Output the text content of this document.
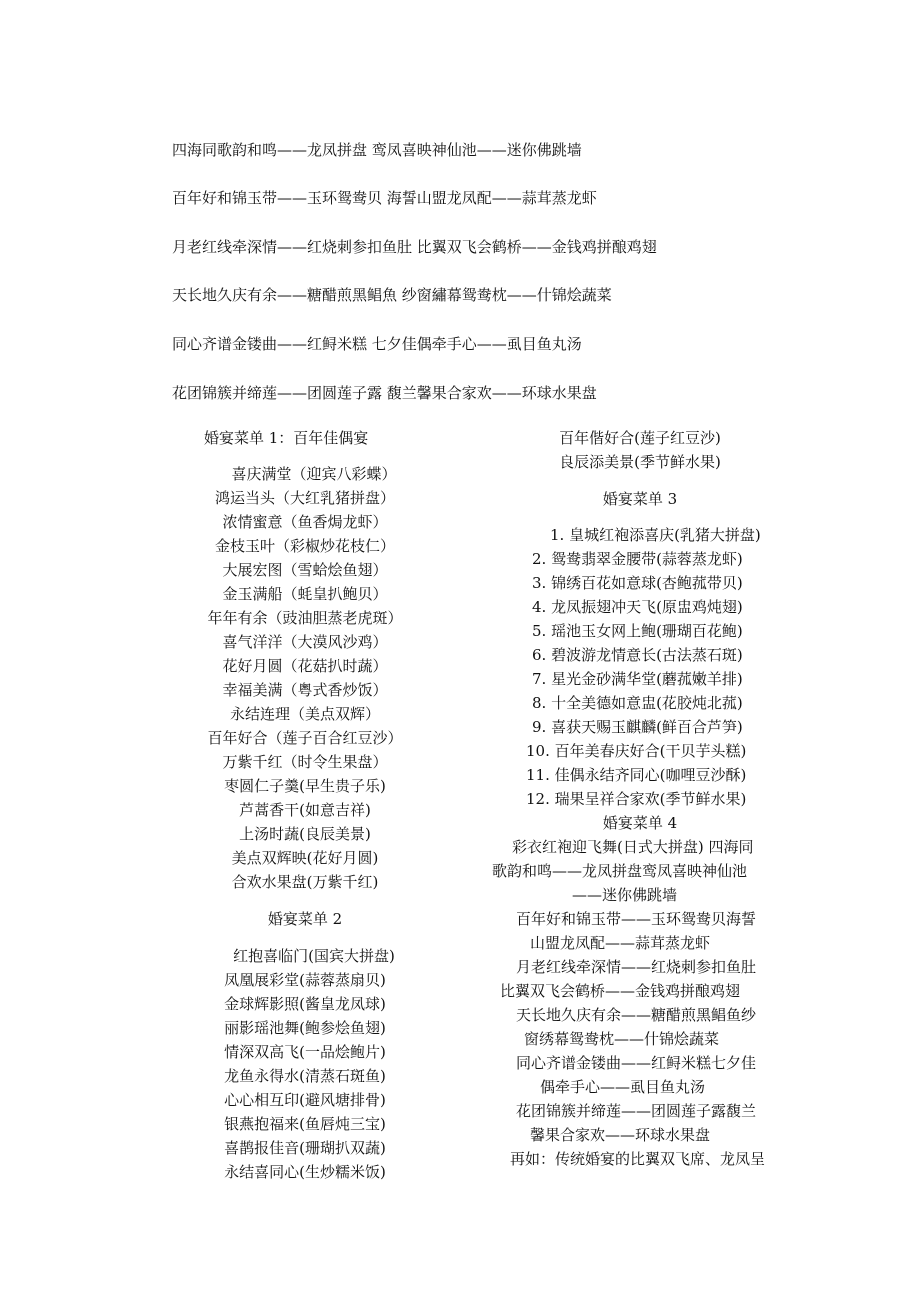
四海同歌韵和鸣——龙凤拼盘 鸾凤喜映神仙池——迷你佛跳墙
百年好和锦玉带——玉环鸳鸯贝 海誓山盟龙凤配——蒜茸蒸龙虾
月老红线牵深情——红烧刺参扣鱼肚 比翼双飞会鹤桥——金钱鸡拼酿鸡翅
天长地久庆有余——糖醋煎黑鲳魚 纱窗繡幕鸳鸯枕——什锦烩蔬菜
同心齐谱金镂曲——红鲟米糕 七夕佳偶牵手心——虱目鱼丸汤
花团锦簇并缔莲——团圆莲子露 馥兰馨果合家欢——环球水果盘
婚宴菜单 1：百年佳偶宴
喜庆满堂（迎宾八彩蝶）
鸿运当头（大红乳猪拼盘）
浓情蜜意（鱼香焗龙虾）
金枝玉叶（彩椒炒花枝仁）
大展宏图（雪蛤烩鱼翅）
金玉满船（蚝皇扒鲍贝）
年年有余（豉油胆蒸老虎斑）
喜气洋洋（大漠风沙鸡）
花好月圆（花菇扒时蔬）
幸福美满（粤式香炒饭）
永结连理（美点双辉）
百年好合（莲子百合红豆沙）
万紫千红（时令生果盘）
枣圆仁子羹(早生贵子乐)
芦蒿香干(如意吉祥)
上汤时蔬(良辰美景)
美点双辉映(花好月圆)
合欢水果盘(万紫千红)
婚宴菜单 2
红抱喜临门(国宾大拼盘)
凤凰展彩堂(蒜蓉蒸扇贝)
金球辉影照(酱皇龙凤球)
丽影瑶池舞(鲍参烩鱼翅)
情深双高飞(一品烩鲍片)
龙鱼永得水(清蒸石斑鱼)
心心相互印(避风塘排骨)
银燕抱福来(鱼唇炖三宝)
喜鹊报佳音(珊瑚扒双蔬)
永结喜同心(生炒糯米饭)
百年偕好合(莲子红豆沙)
良辰添美景(季节鲜水果)
婚宴菜单 3
1. 皇城红袍添喜庆(乳猪大拼盘)
2. 鸳鸯翡翠金腰带(蒜蓉蒸龙虾)
3. 锦绣百花如意球(杏鲍菰带贝)
4. 龙凤振翅冲天飞(原盅鸡炖翅)
5. 瑶池玉女网上鲍(珊瑚百花鲍)
6. 碧波游龙情意长(古法蒸石斑)
7. 星光金砂满华堂(蘑菰嫩羊排)
8. 十全美德如意盅(花胶炖北菰)
9. 喜获天赐玉麒麟(鲜百合芦笋)
10. 百年美春庆好合(干贝芋头糕)
11. 佳偶永结齐同心(咖哩豆沙酥)
12. 瑞果呈祥合家欢(季节鲜水果)
婚宴菜单 4
彩衣红袍迎飞舞(日式大拼盘) 四海同
歌韵和鸣——龙凤拼盘鸾凤喜映神仙池
——迷你佛跳墙
百年好和锦玉带——玉环鸳鸯贝海誓
山盟龙凤配——蒜茸蒸龙虾
月老红线牵深情——红烧刺参扣鱼肚
比翼双飞会鹤桥——金钱鸡拼酿鸡翅
天长地久庆有余——糖醋煎黑鲳鱼纱
窗绣幕鸳鸯枕——什锦烩蔬菜
同心齐谱金镂曲——红鲟米糕七夕佳
偶牵手心——虱目鱼丸汤
花团锦簇并缔莲——团圆莲子露馥兰
馨果合家欢——环球水果盘
再如：传统婚宴的比翼双飞席、龙凤呈
